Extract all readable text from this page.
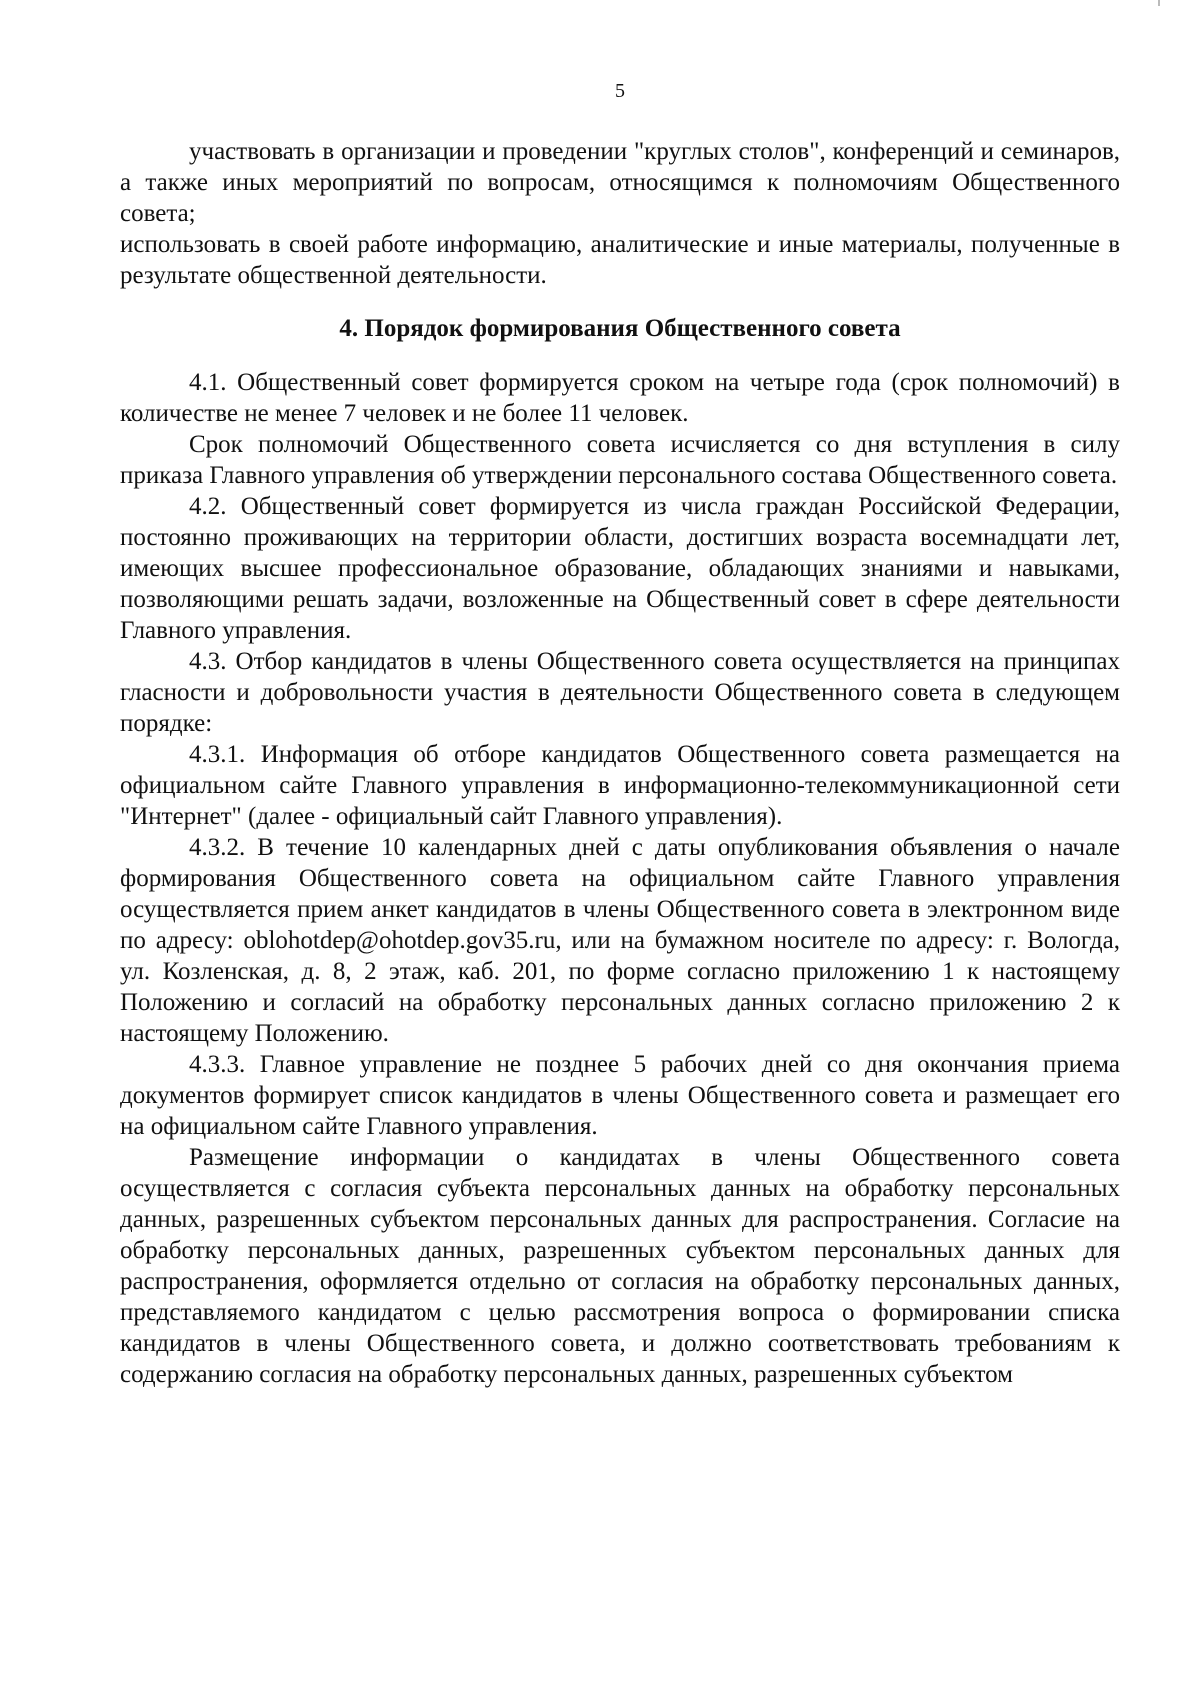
5

участвовать в организации и проведении "круглых столов", конференций и семинаров, а также иных мероприятий по вопросам, относящимся к полномочиям Общественного совета;

использовать в своей работе информацию, аналитические и иные материалы, полученные в результате общественной деятельности.

4. Порядок формирования Общественного совета

4.1. Общественный совет формируется сроком на четыре года (срок полномочий) в количестве не менее 7 человек и не более 11 человек.

Срок полномочий Общественного совета исчисляется со дня вступления в силу приказа Главного управления об утверждении персонального состава Общественного совета.

4.2. Общественный совет формируется из числа граждан Российской Федерации, постоянно проживающих на территории области, достигших возраста восемнадцати лет, имеющих высшее профессиональное образование, обладающих знаниями и навыками, позволяющими решать задачи, возложенные на Общественный совет в сфере деятельности Главного управления.

4.3. Отбор кандидатов в члены Общественного совета осуществляется на принципах гласности и добровольности участия в деятельности Общественного совета в следующем порядке:

4.3.1. Информация об отборе кандидатов Общественного совета размещается на официальном сайте Главного управления в информационно-телекоммуникационной сети "Интернет" (далее - официальный сайт Главного управления).

4.3.2. В течение 10 календарных дней с даты опубликования объявления о начале формирования Общественного совета на официальном сайте Главного управления осуществляется прием анкет кандидатов в члены Общественного совета в электронном виде по адресу: oblohotdep@ohotdep.gov35.ru, или на бумажном носителе по адресу: г. Вологда, ул. Козленская, д. 8, 2 этаж, каб. 201, по форме согласно приложению 1 к настоящему Положению и согласий на обработку персональных данных согласно приложению 2 к настоящему Положению.

4.3.3. Главное управление не позднее 5 рабочих дней со дня окончания приема документов формирует список кандидатов в члены Общественного совета и размещает его на официальном сайте Главного управления.

Размещение информации о кандидатах в члены Общественного совета осуществляется с согласия субъекта персональных данных на обработку персональных данных, разрешенных субъектом персональных данных для распространения. Согласие на обработку персональных данных, разрешенных субъектом персональных данных для распространения, оформляется отдельно от согласия на обработку персональных данных, представляемого кандидатом с целью рассмотрения вопроса о формировании списка кандидатов в члены Общественного совета, и должно соответствовать требованиям к содержанию согласия на обработку персональных данных, разрешенных субъектом
